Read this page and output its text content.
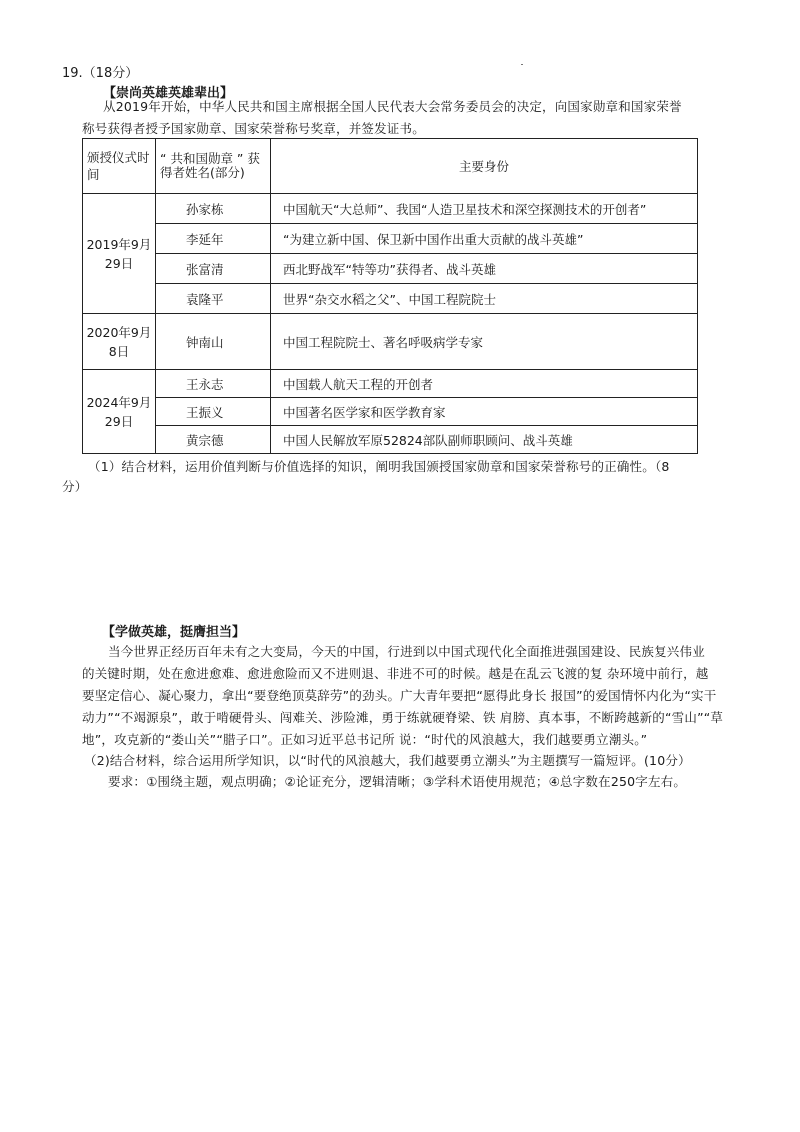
19.（18分）
【崇尚英雄英雄辈出】
从2019年开始，中华人民共和国主席根据全国人民代表大会常务委员会的决定，向国家勋章和国家荣誉
称号获得者授予国家勋章、国家荣誉称号奖章，并签发证书。
颁授仪式时间	“ 共和国勋章 ” 获得者姓名(部分)	主要身份
2019年9月29日	孙家栋	中国航天“大总师”、我国“人造卫星技术和深空探测技术的开创者”
	李延年	“为建立新中国、保卫新中国作出重大贡献的战斗英雄”
	张富清	西北野战军“特等功”获得者、战斗英雄
	袁隆平	世界“杂交水稻之父”、中国工程院院士
2020年9月8日	钟南山	中国工程院院士、著名呼吸病学专家
2024年9月29日	王永志	中国载人航天工程的开创者
	王振义	中国著名医学家和医学教育家
	黄宗德	中国人民解放军原52824部队副师职顾问、战斗英雄
（1）结合材料，运用价值判断与价值选择的知识，阐明我国颁授国家勋章和国家荣誉称号的正确性。（8
分）
【学做英雄，挺膺担当】
当今世界正经历百年未有之大变局，今天的中国，行进到以中国式现代化全面推进强国建设、民族复兴伟业
的关键时期，处在愈进愈难、愈进愈险而又不进则退、非进不可的时候。越是在乱云飞渡的复 杂环境中前行，越
要坚定信心、凝心聚力，拿出“要登绝顶莫辞劳”的劲头。广大青年要把“愿得此身长 报国”的爱国情怀内化为“实干
动力”“不竭源泉”，敢于啃硬骨头、闯难关、涉险滩，勇于练就硬脊梁、铁 肩膀、真本事，不断跨越新的“雪山”“草
地”，攻克新的“娄山关”“腊子口”。正如习近平总书记所 说：“时代的风浪越大，我们越要勇立潮头。”
（2)结合材料，综合运用所学知识，以“时代的风浪越大，我们越要勇立潮头”为主题撰写一篇短评。(10分）
要求：①围绕主题，观点明确；②论证充分，逻辑清晰；③学科术语使用规范；④总字数在250字左右。
